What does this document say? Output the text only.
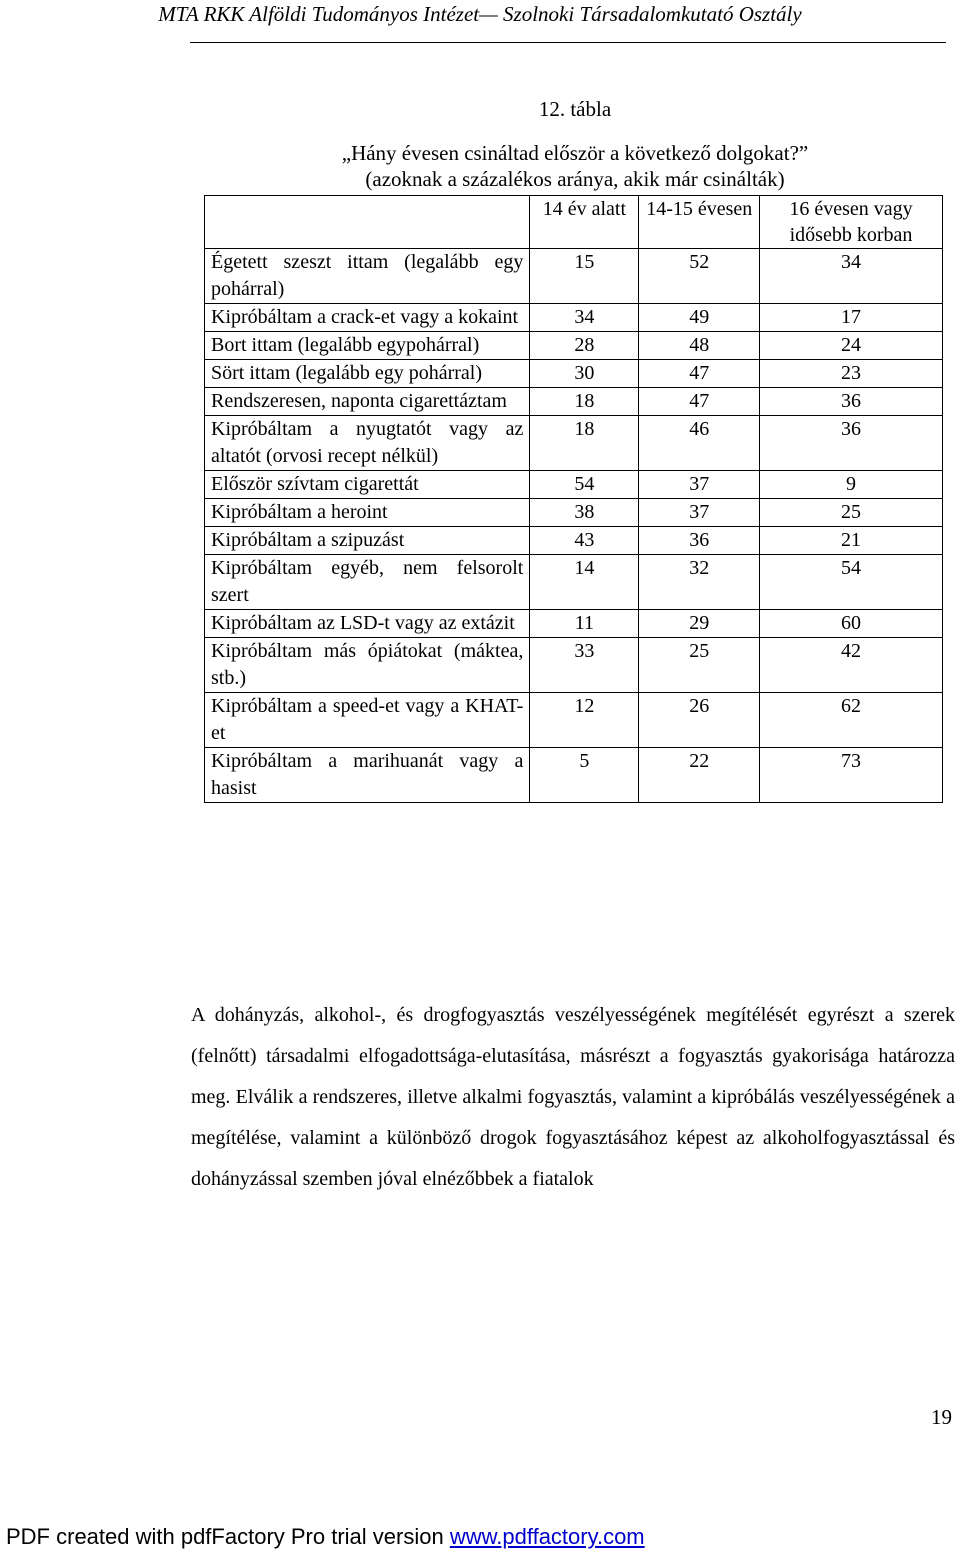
MTA RKK Alföldi Tudományos Intézet— Szolnoki Társadalomkutató Osztály
12. tábla
„Hány évesen csináltad először a következő dolgokat?”
(azoknak a százalékos aránya, akik már csinálták)
	14 év alatt	14-15 évesen	16 évesen vagy idősebb korban
Égetett szeszt ittam (legalább egy pohárral)	15	52	34
Kipróbáltam a crack-et vagy a kokaint	34	49	17
Bort ittam (legalább egypohárral)	28	48	24
Sört ittam (legalább egy pohárral)	30	47	23
Rendszeresen, naponta cigarettáztam	18	47	36
Kipróbáltam a nyugtatót vagy az altatót (orvosi recept nélkül)	18	46	36
Először szívtam cigarettát	54	37	9
Kipróbáltam a heroint	38	37	25
Kipróbáltam a szipuzást	43	36	21
Kipróbáltam egyéb, nem felsorolt szert	14	32	54
Kipróbáltam az LSD-t vagy az extázit	11	29	60
Kipróbáltam más ópiátokat (máktea, stb.)	33	25	42
Kipróbáltam a speed-et vagy a KHAT-et	12	26	62
Kipróbáltam a marihuanát vagy a hasist	5	22	73
A dohányzás, alkohol-, és drogfogyasztás veszélyességének megítélését egyrészt a szerek (felnőtt) társadalmi elfogadottsága-elutasítása, másrészt a fogyasztás gyakorisága határozza meg. Elválik a rendszeres, illetve alkalmi fogyasztás, valamint a kipróbálás veszélyességének a megítélése, valamint a különböző drogok fogyasztásához képest az alkoholfogyasztással és dohányzással szemben jóval elnézőbbek a fiatalok
19
PDF created with pdfFactory Pro trial version www.pdffactory.com
